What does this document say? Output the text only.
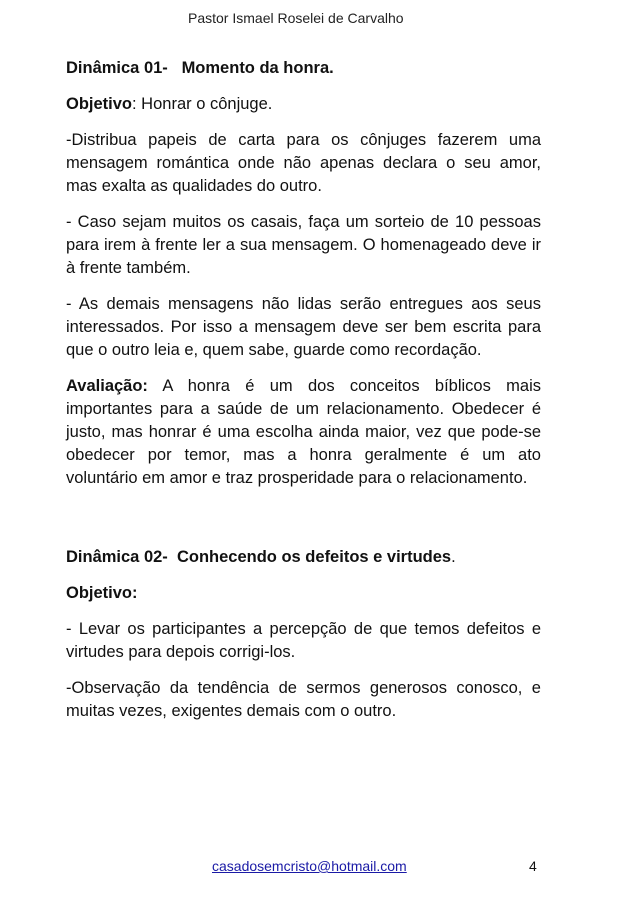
Pastor Ismael Roselei de Carvalho

Dinâmica 01- Momento da honra.

Objetivo: Honrar o cônjuge.

-Distribua papeis de carta para os cônjuges fazerem uma mensagem romántica onde não apenas declara o seu amor, mas exalta as qualidades do outro.

- Caso sejam muitos os casais, faça um sorteio de 10 pessoas para irem à frente ler a sua mensagem. O homenageado deve ir à frente também.

- As demais mensagens não lidas serão entregues aos seus interessados. Por isso a mensagem deve ser bem escrita para que o outro leia e, quem sabe, guarde como recordação.

Avaliação: A honra é um dos conceitos bíblicos mais importantes para a saúde de um relacionamento. Obedecer é justo, mas honrar é uma escolha ainda maior, vez que pode-se obedecer por temor, mas a honra geralmente é um ato voluntário em amor e traz prosperidade para o relacionamento.

Dinâmica 02- Conhecendo os defeitos e virtudes.

Objetivo:

- Levar os participantes a percepção de que temos defeitos e virtudes para depois corrigi-los.

-Observação da tendência de sermos generosos conosco, e muitas vezes, exigentes demais com o outro.

casadosemcristo@hotmail.com	4
